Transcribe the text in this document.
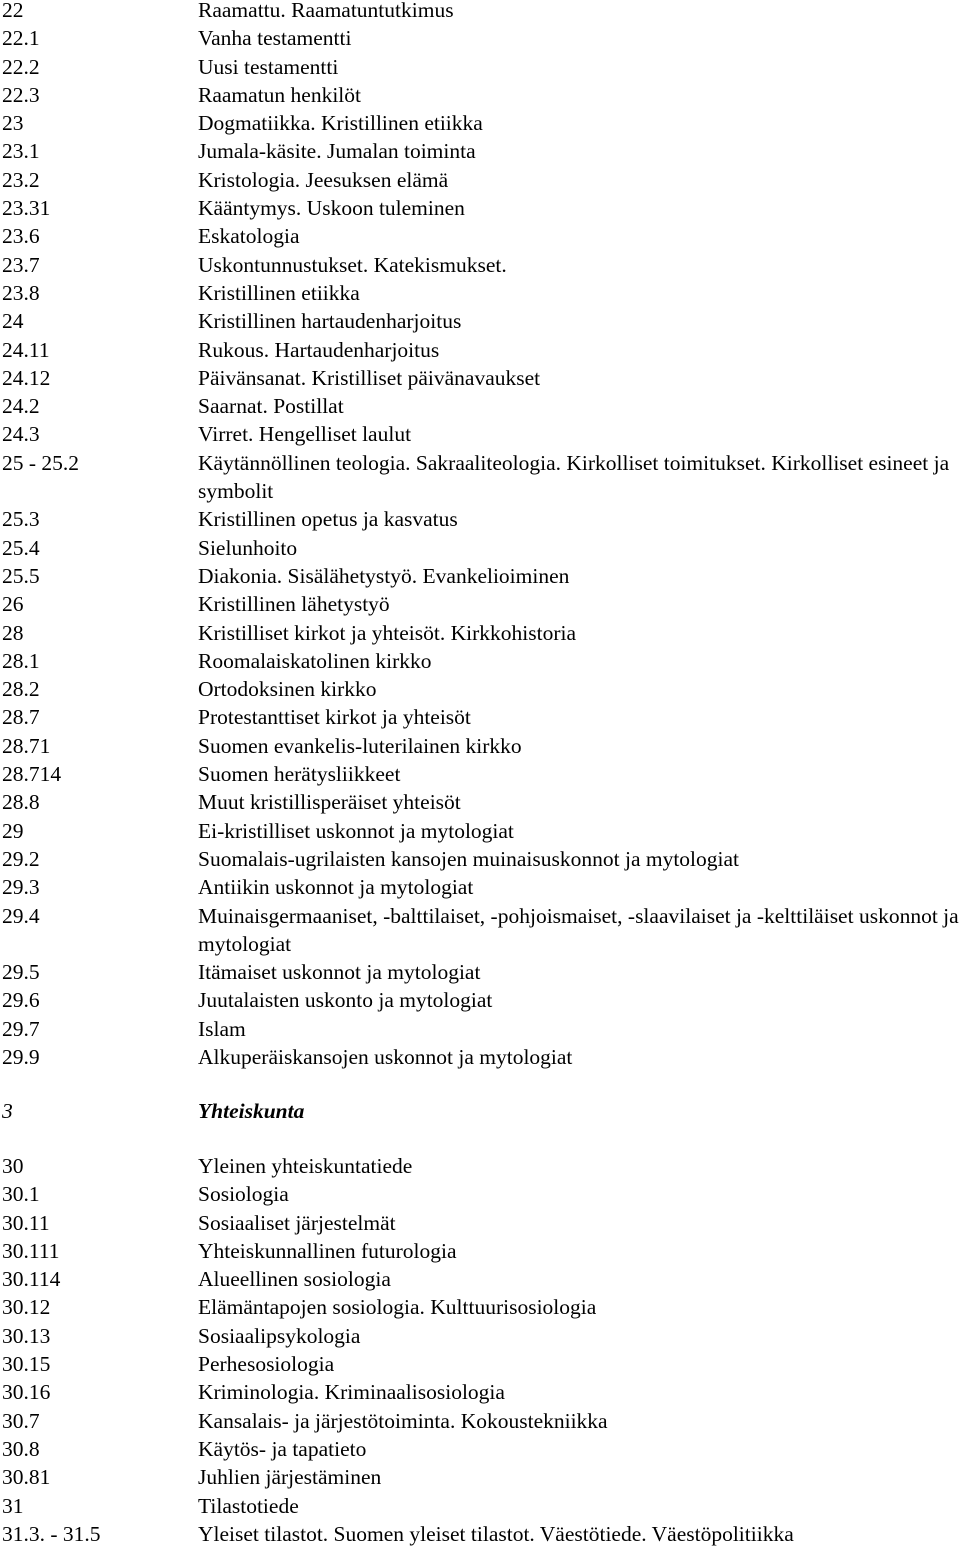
22	Raamattu. Raamatuntutkimus
22.1	Vanha testamentti
22.2	Uusi testamentti
22.3	Raamatun henkilöt
23	Dogmatiikka. Kristillinen etiikka
23.1	Jumala-käsite. Jumalan toiminta
23.2	Kristologia. Jeesuksen elämä
23.31	Kääntymys. Uskoon tuleminen
23.6	Eskatologia
23.7	Uskontunnustukset. Katekismukset.
23.8	Kristillinen etiikka
24	Kristillinen hartaudenharjoitus
24.11	Rukous. Hartaudenharjoitus
24.12	Päivänsanat. Kristilliset päivänavaukset
24.2	Saarnat. Postillat
24.3	Virret. Hengelliset laulut
25 - 25.2	Käytännöllinen teologia. Sakraaliteologia. Kirkolliset toimitukset. Kirkolliset esineet ja symbolit
25.3	Kristillinen opetus ja kasvatus
25.4	Sielunhoito
25.5	Diakonia. Sisälähetystyö. Evankelioiminen
26	Kristillinen lähetystyö
28	Kristilliset kirkot ja yhteisöt. Kirkkohistoria
28.1	Roomalaiskatolinen kirkko
28.2	Ortodoksinen kirkko
28.7	Protestanttiset kirkot ja yhteisöt
28.71	Suomen evankelis-luterilainen kirkko
28.714	Suomen herätysliikkeet
28.8	Muut kristillisperäiset yhteisöt
29	Ei-kristilliset uskonnot ja mytologiat
29.2	Suomalais-ugrilaisten kansojen muinaisuskonnot ja mytologiat
29.3	Antiikin uskonnot ja mytologiat
29.4	Muinaisgermaaniset, -balttilaiset, -pohjoismaiset, -slaavilaiset ja -kelttiläiset uskonnot ja mytologiat
29.5	Itämaiset uskonnot ja mytologiat
29.6	Juutalaisten uskonto ja mytologiat
29.7	Islam
29.9	Alkuperäiskansojen uskonnot ja mytologiat
3	Yhteiskunta
30	Yleinen yhteiskuntatiede
30.1	Sosiologia
30.11	Sosiaaliset järjestelmät
30.111	Yhteiskunnallinen futurologia
30.114	Alueellinen sosiologia
30.12	Elämäntapojen sosiologia. Kulttuurisosiologia
30.13	Sosiaalipsykologia
30.15	Perhesosiologia
30.16	Kriminologia. Kriminaalisosiologia
30.7	Kansalais- ja järjestötoiminta. Kokoustekniikka
30.8	Käytös- ja tapatieto
30.81	Juhlien järjestäminen
31	Tilastotiede
31.3. - 31.5	Yleiset tilastot. Suomen yleiset tilastot. Väestötiede. Väestöpolitiikka
